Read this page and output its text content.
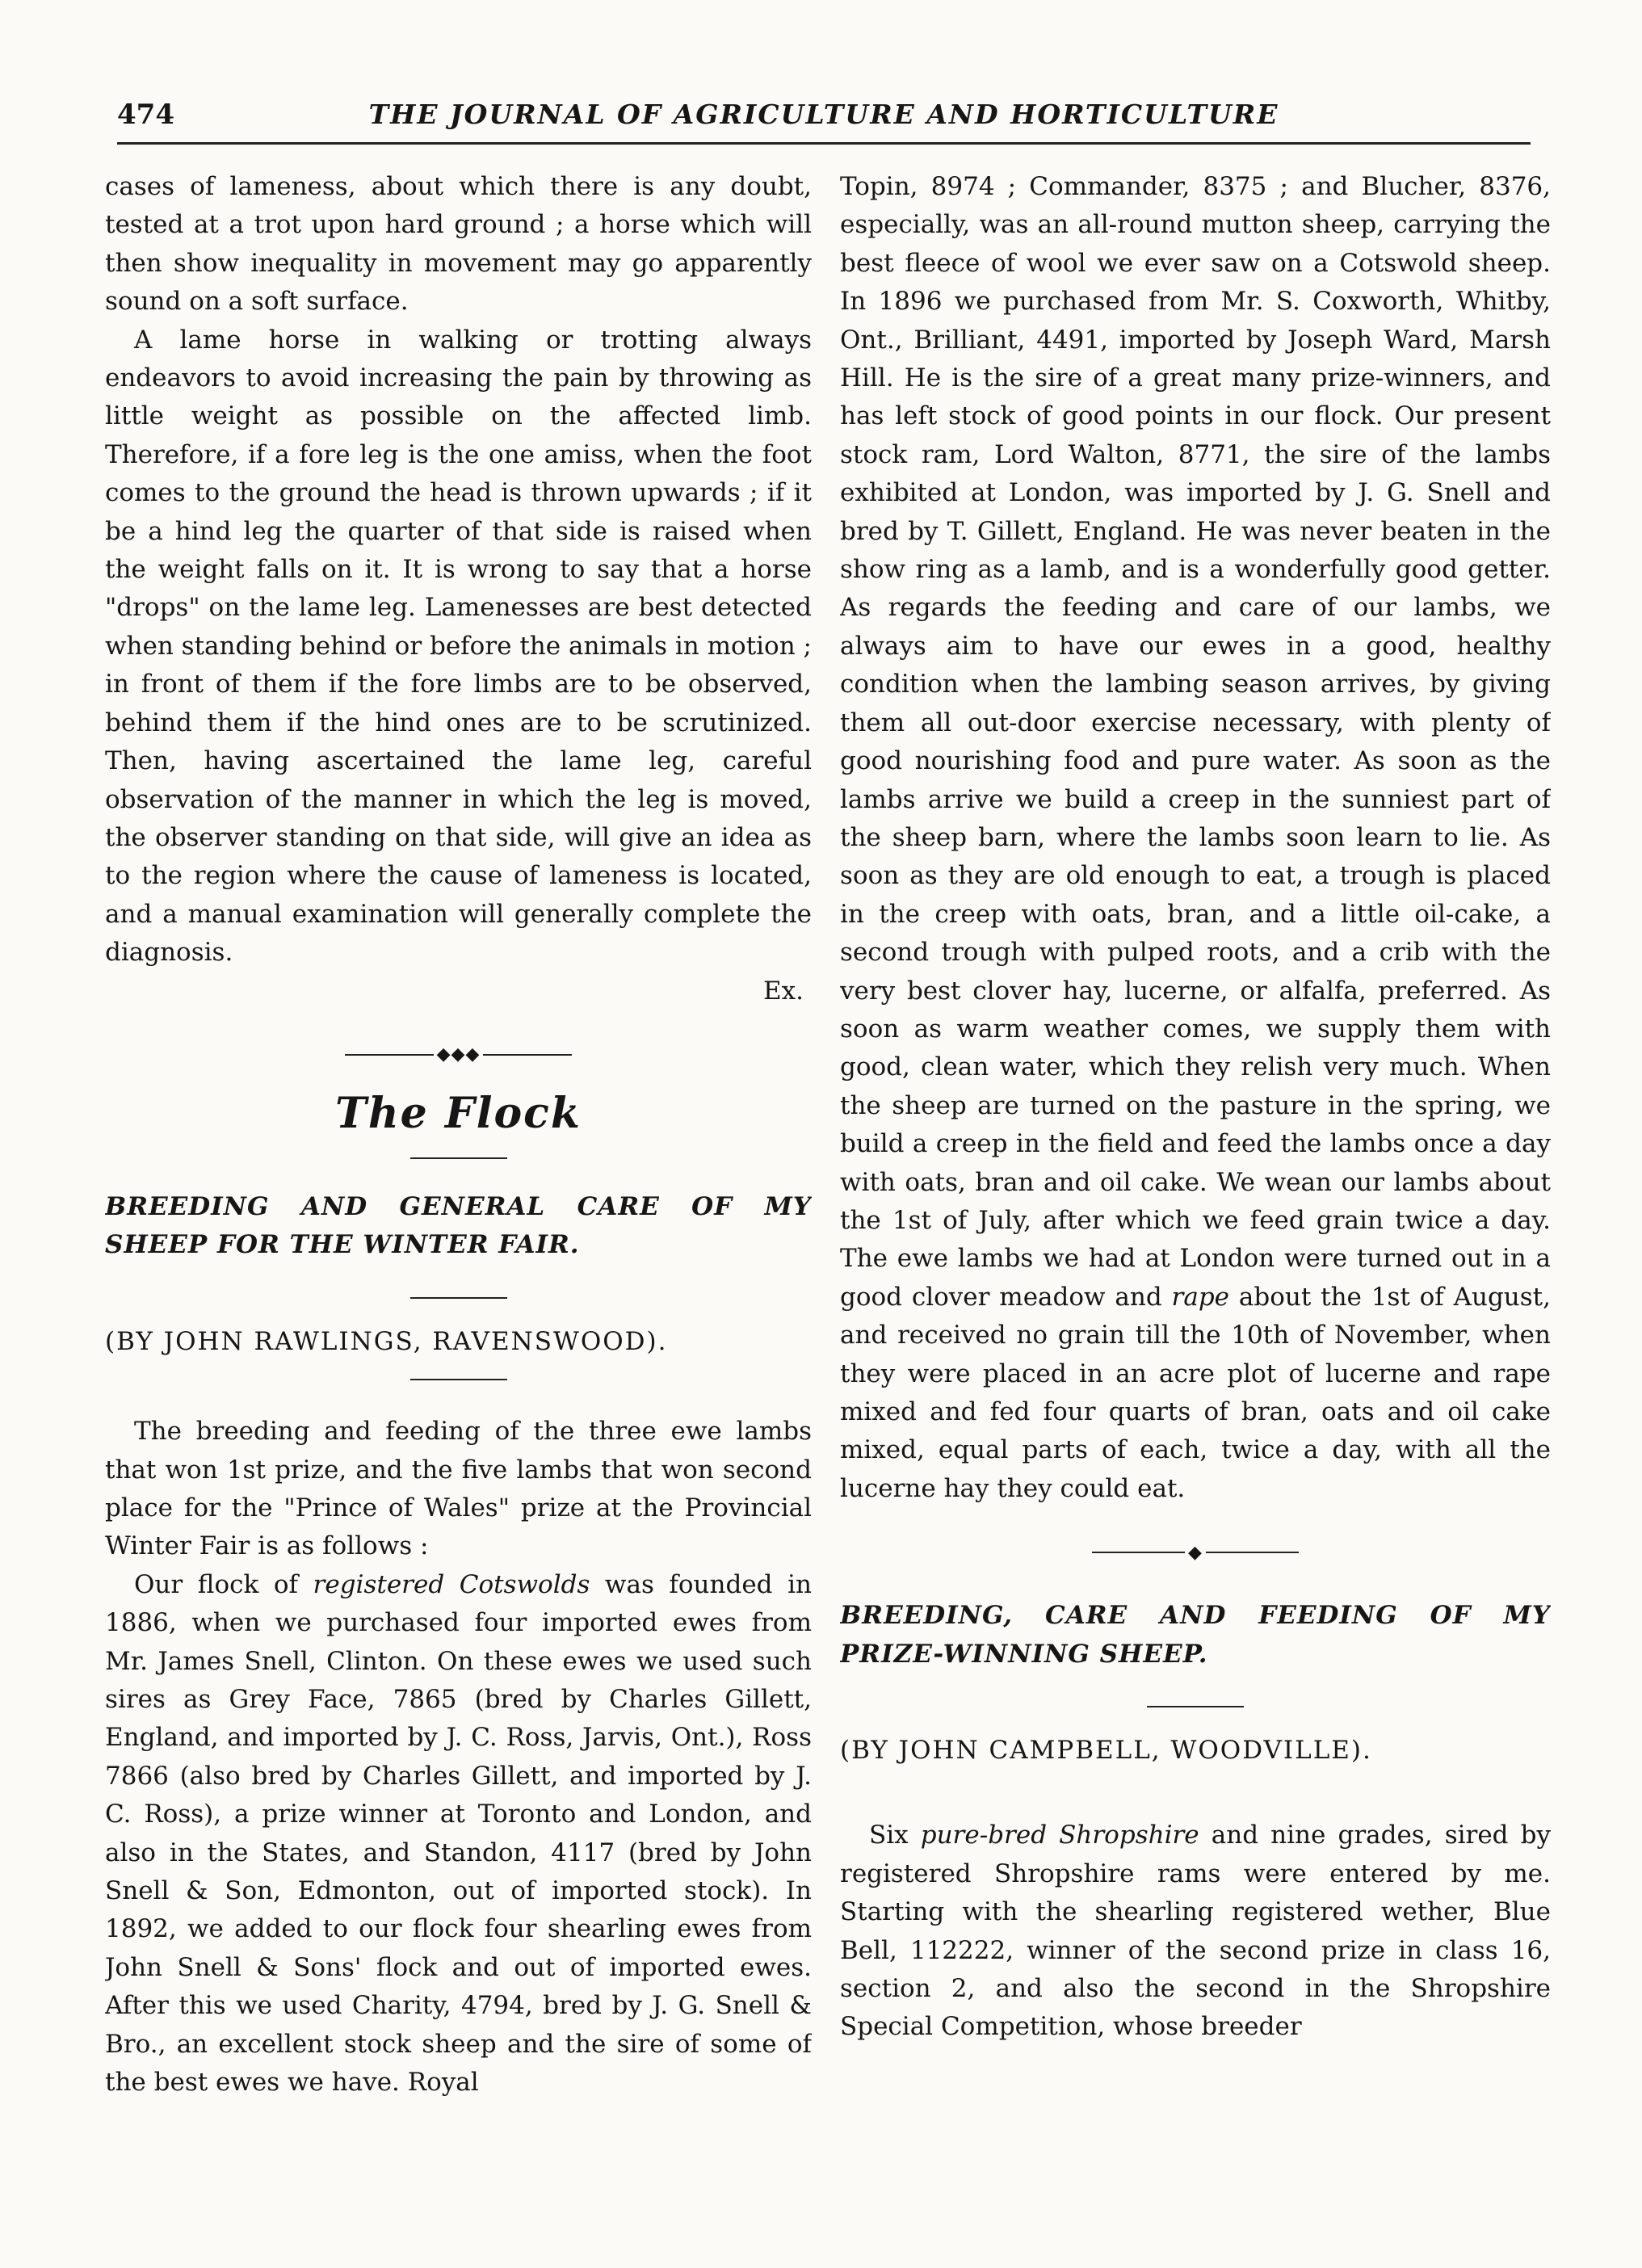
474	THE JOURNAL OF AGRICULTURE AND HORTICULTURE

cases of lameness, about which there is any doubt, tested at a trot upon hard ground ; a horse which will then show inequality in movement may go apparently sound on a soft surface.

A lame horse in walking or trotting always endeavors to avoid increasing the pain by throwing as little weight as possible on the affected limb. Therefore, if a fore leg is the one amiss, when the foot comes to the ground the head is thrown upwards ; if it be a hind leg the quarter of that side is raised when the weight falls on it. It is wrong to say that a horse "drops" on the lame leg. Lamenesses are best detected when standing behind or before the animals in motion ; in front of them if the fore limbs are to be observed, behind them if the hind ones are to be scrutinized. Then, having ascertained the lame leg, careful observation of the manner in which the leg is moved, the observer standing on that side, will give an idea as to the region where the cause of lameness is located, and a manual examination will generally complete the diagnosis.

Ex.
◆◆◆
The Flock

BREEDING AND GENERAL CARE OF MY SHEEP FOR THE WINTER FAIR.

(BY JOHN RAWLINGS, RAVENSWOOD).

The breeding and feeding of the three ewe lambs that won 1st prize, and the five lambs that won second place for the "Prince of Wales" prize at the Provincial Winter Fair is as follows :

Our flock of registered Cotswolds was founded in 1886, when we purchased four imported ewes from Mr. James Snell, Clinton. On these ewes we used such sires as Grey Face, 7865 (bred by Charles Gillett, England, and imported by J. C. Ross, Jarvis, Ont.), Ross 7866 (also bred by Charles Gillett, and imported by J. C. Ross), a prize winner at Toronto and London, and also in the States, and Standon, 4117 (bred by John Snell & Son, Edmonton, out of imported stock). In 1892, we added to our flock four shearling ewes from John Snell & Sons' flock and out of imported ewes. After this we used Charity, 4794, bred by J. G. Snell & Bro., an excellent stock sheep and the sire of some of the best ewes we have. Royal

Topin, 8974 ; Commander, 8375 ; and Blucher, 8376, especially, was an all-round mutton sheep, carrying the best fleece of wool we ever saw on a Cotswold sheep. In 1896 we purchased from Mr. S. Coxworth, Whitby, Ont., Brilliant, 4491, imported by Joseph Ward, Marsh Hill. He is the sire of a great many prize-winners, and has left stock of good points in our flock. Our present stock ram, Lord Walton, 8771, the sire of the lambs exhibited at London, was imported by J. G. Snell and bred by T. Gillett, England. He was never beaten in the show ring as a lamb, and is a wonderfully good getter. As regards the feeding and care of our lambs, we always aim to have our ewes in a good, healthy condition when the lambing season arrives, by giving them all out-door exercise necessary, with plenty of good nourishing food and pure water. As soon as the lambs arrive we build a creep in the sunniest part of the sheep barn, where the lambs soon learn to lie. As soon as they are old enough to eat, a trough is placed in the creep with oats, bran, and a little oil-cake, a second trough with pulped roots, and a crib with the very best clover hay, lucerne, or alfalfa, preferred. As soon as warm weather comes, we supply them with good, clean water, which they relish very much. When the sheep are turned on the pasture in the spring, we build a creep in the field and feed the lambs once a day with oats, bran and oil cake. We wean our lambs about the 1st of July, after which we feed grain twice a day. The ewe lambs we had at London were turned out in a good clover meadow and rape about the 1st of August, and received no grain till the 10th of November, when they were placed in an acre plot of lucerne and rape mixed and fed four quarts of bran, oats and oil cake mixed, equal parts of each, twice a day, with all the lucerne hay they could eat.

◆

BREEDING, CARE AND FEEDING OF MY PRIZE-WINNING SHEEP.

(BY JOHN CAMPBELL, WOODVILLE).

Six pure-bred Shropshire and nine grades, sired by registered Shropshire rams were entered by me. Starting with the shearling registered wether, Blue Bell, 112222, winner of the second prize in class 16, section 2, and also the second in the Shropshire Special Competition, whose breeder
